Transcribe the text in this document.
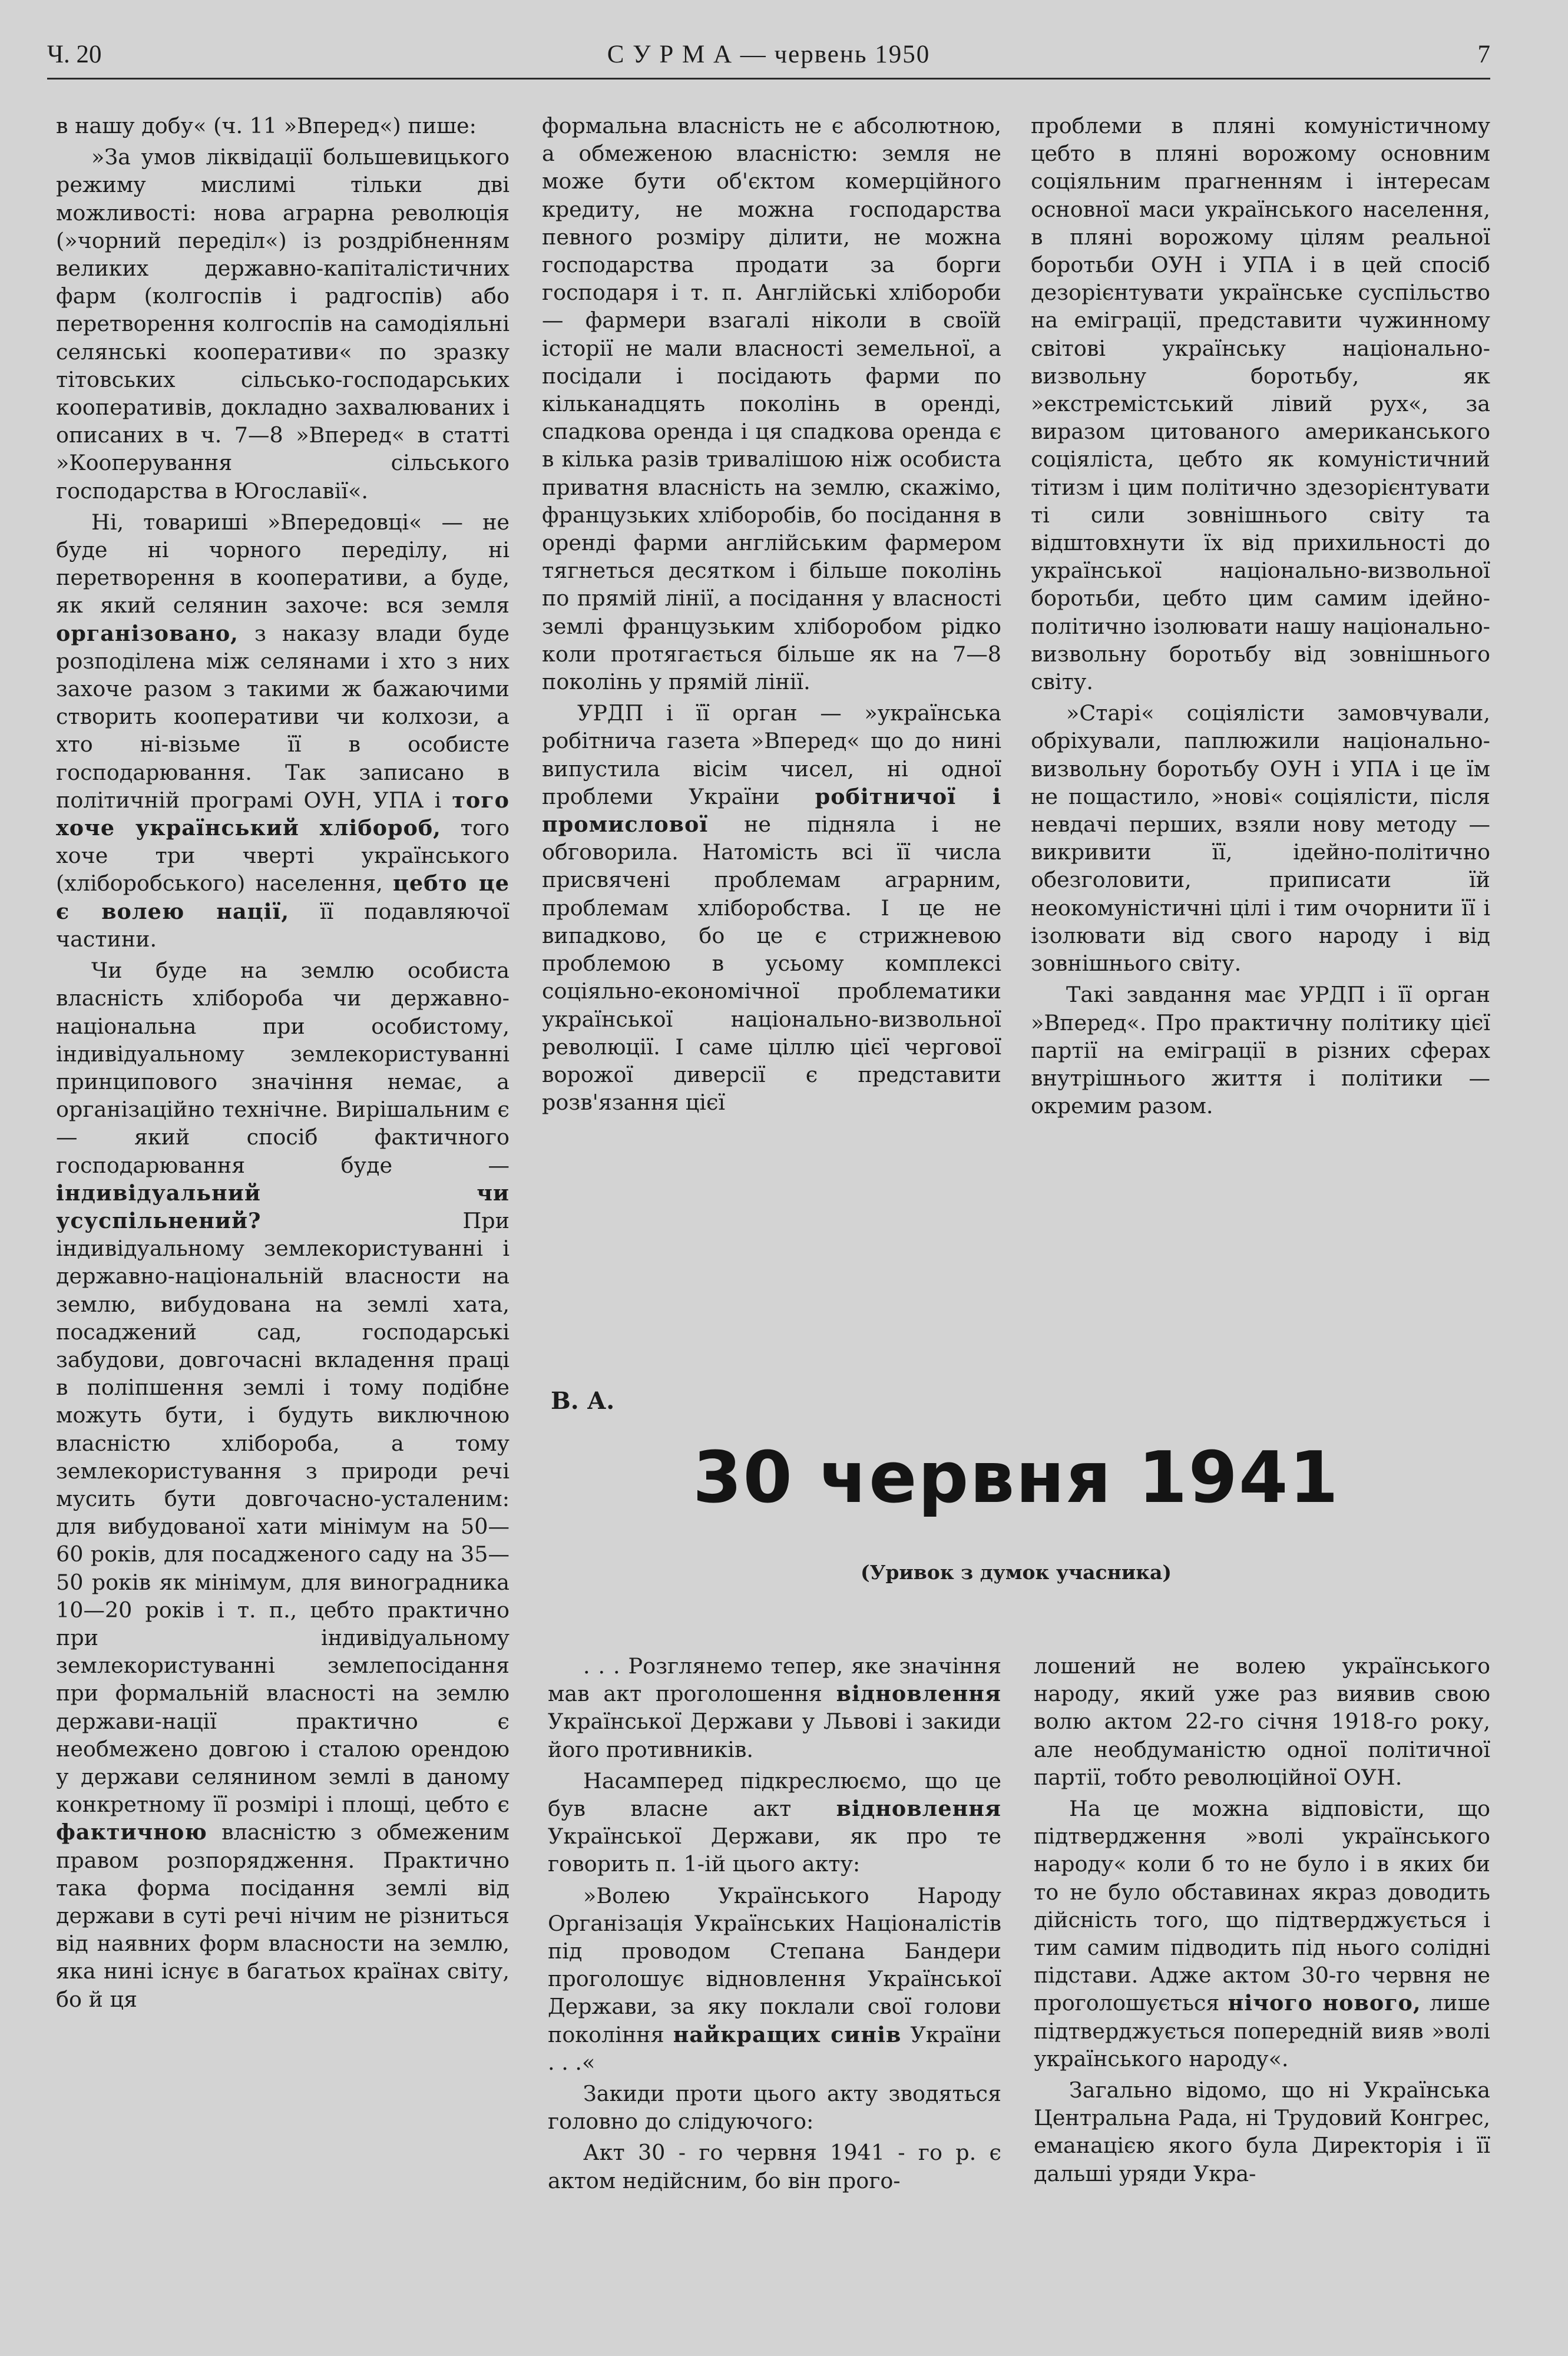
С У Р М А — червень 1950
Ч. 20	7

в нашу добу« (ч. 11 »Вперед«) пише:

»За умов ліквідації большевицького режиму мислимі тільки дві можливості: нова аграрна революція (»чорний переділ«) із роздрібненням великих державно-капіталістичних фарм (колгоспів і радгоспів) або перетворення колгоспів на самодіяльні селянські кооперативи« по зразку тітовських сільсько-господарських кооперативів, докладно захвалюваних і описаних в ч. 7—8 »Вперед« в статті »Кооперування сільського господарства в Югославії«.

Ні, товариші »Впередовці« — не буде ні чорного переділу, ні перетворення в кооперативи, а буде, як який селянин захоче: вся земля організовано, з наказу влади буде розподілена між селянами і хто з них захоче разом з такими ж бажаючими створить кооперативи чи колхози, а хто ні-візьме її в особисте господарювання. Так записано в політичній програмі ОУН, УПА і того хоче український хлібороб, того хоче три чверті українського (хліборобського) населення, цебто це є волею нації, її подавляючої частини.

Чи буде на землю особиста власність хлібороба чи державно-національна при особистому, індивідуальному землекористуванні принципового значіння немає, а організаційно технічне. Вирішальним є — який спосіб фактичного господарювання буде — індивідуальний чи усуспільнений?	При індивідуальному землекористуванні і державно-національній власности на землю, вибудована на землі хата, посаджений сад, господарські забудови, довгочасні вкладення праці в поліпшення землі і тому подібне можуть бути, і будуть виключною власністю хлібороба, а тому землекористування з природи речі мусить бути довгочасно-усталеним: для вибудованої хати мінімум на 50—60 років, для посадженого саду на 35—50 років як мінімум, для виноградника 10—20 років і т. п., цебто практично при індивідуальному землекористуванні землепосідання при формальній власності на землю держави-нації практично є необмежено довгою і сталою орендою у держави селянином землі в даному конкретному її розмірі і площі, цебто є фактичною власністю з обмеженим правом розпорядження. Практично така форма посідання землі від держави в суті речі нічим не різниться від наявних форм власности на землю, яка нині існує в багатьох країнах світу, бо й ця

формальна власність не є абсолютною, а обмеженою власністю: земля не може бути об'єктом комерційного кредиту, не можна господарства певного розміру ділити, не можна господарства продати за борги господаря і т. п. Англійські хлібороби — фармери взагалі ніколи в своїй історії не мали власності земельної, а посідали і посідають фарми по кільканадцять поколінь в оренді, спадкова оренда і ця спадкова оренда є в кілька разів тривалішою ніж особиста приватня власність на землю, скажімо, французьких хліборобів, бо посідання в оренді фарми англійським фармером тягнеться десятком і більше поколінь по прямій лінії, а посідання у власності землі французьким хліборобом рідко коли протягається більше як на 7—8 поколінь у прямій лінії.

УРДП і її орган — »українська робітнича газета »Вперед« що до нині випустила вісім чисел, ні одної проблеми України робітничої і промислової не підняла і не обговорила. Натомість всі її числа присвячені проблемам аграрним, проблемам хліборобства. І це не випадково, бо це є стрижневою проблемою в усьому комплексі соціяльно-економічної проблематики української національно-визвольної революції. І саме ціллю цієї чергової ворожої диверсії є представити розв'язання цієї

проблеми в пляні комуністичному цебто в пляні ворожому основним соціяльним прагненням і інтересам основної маси українського населення, в пляні ворожому цілям реальної боротьби ОУН і УПА і в цей спосіб дезорієнтувати українське суспільство на еміграції, представити чужинному світові українську національно-визвольну боротьбу, як »екстремістський лівий рух«, за виразом цитованого американського соціяліста, цебто як комуністичний тітизм і цим політично здезорієнтувати ті сили зовнішнього світу та відштовхнути їх від прихильності до української національно-визвольної боротьби, цебто цим самим ідейно-політично ізолювати нашу національно-визвольну боротьбу від зовнішнього світу.

»Старі« соціялісти замовчували, обріхували, паплюжили національно-визвольну боротьбу ОУН і УПА і це їм не пощастило, »нові« соціялісти, після невдачі перших, взяли нову методу — викривити її, ідейно-політично обезголовити, приписати їй неокомуністичні цілі і тим очорнити її і ізолювати від свого народу і від зовнішнього світу.

Такі завдання має УРДП і її орган »Вперед«. Про практичну політику цієї партії на еміграції в різних сферах внутрішнього життя і політики — окремим разом.

В. А.
30 червня 1941
(Уривок з думок учасника)

. . . Розглянемо тепер, яке значіння мав акт проголошення відновлення Української Держави у Львові і закиди його противників.

Насамперед підкреслюємо, що це був власне акт відновлення Української Держави, як про те говорить п. 1-ій цього акту:

»Волею Українського Народу Організація Українських Націоналістів під проводом Степана Бандери проголошує відновлення Української Держави, за яку поклали свої голови покоління найкращих синів України . . .«

Закиди проти цього акту зводяться головно до слідуючого:

Акт 30 - го червня 1941 - го р. є актом недійсним, бо він прого-

лошений не волею українського народу, який уже раз виявив свою волю актом 22-го січня 1918-го року, але необдуманістю одної політичної партії, тобто революційної ОУН.

На це можна відповісти, що підтвердження »волі українського народу« коли б то не було і в яких би то не було обставинах якраз доводить дійсність того, що підтверджується і тим самим підводить під нього солідні підстави. Адже актом 30-го червня не проголошується нічого нового, лише підтверджується попередній вияв »волі українського народу«.

Загально відомо, що ні Українська Центральна Рада, ні Трудовий Конгрес, еманацією якого була Директорія і її дальші уряди Укра-
